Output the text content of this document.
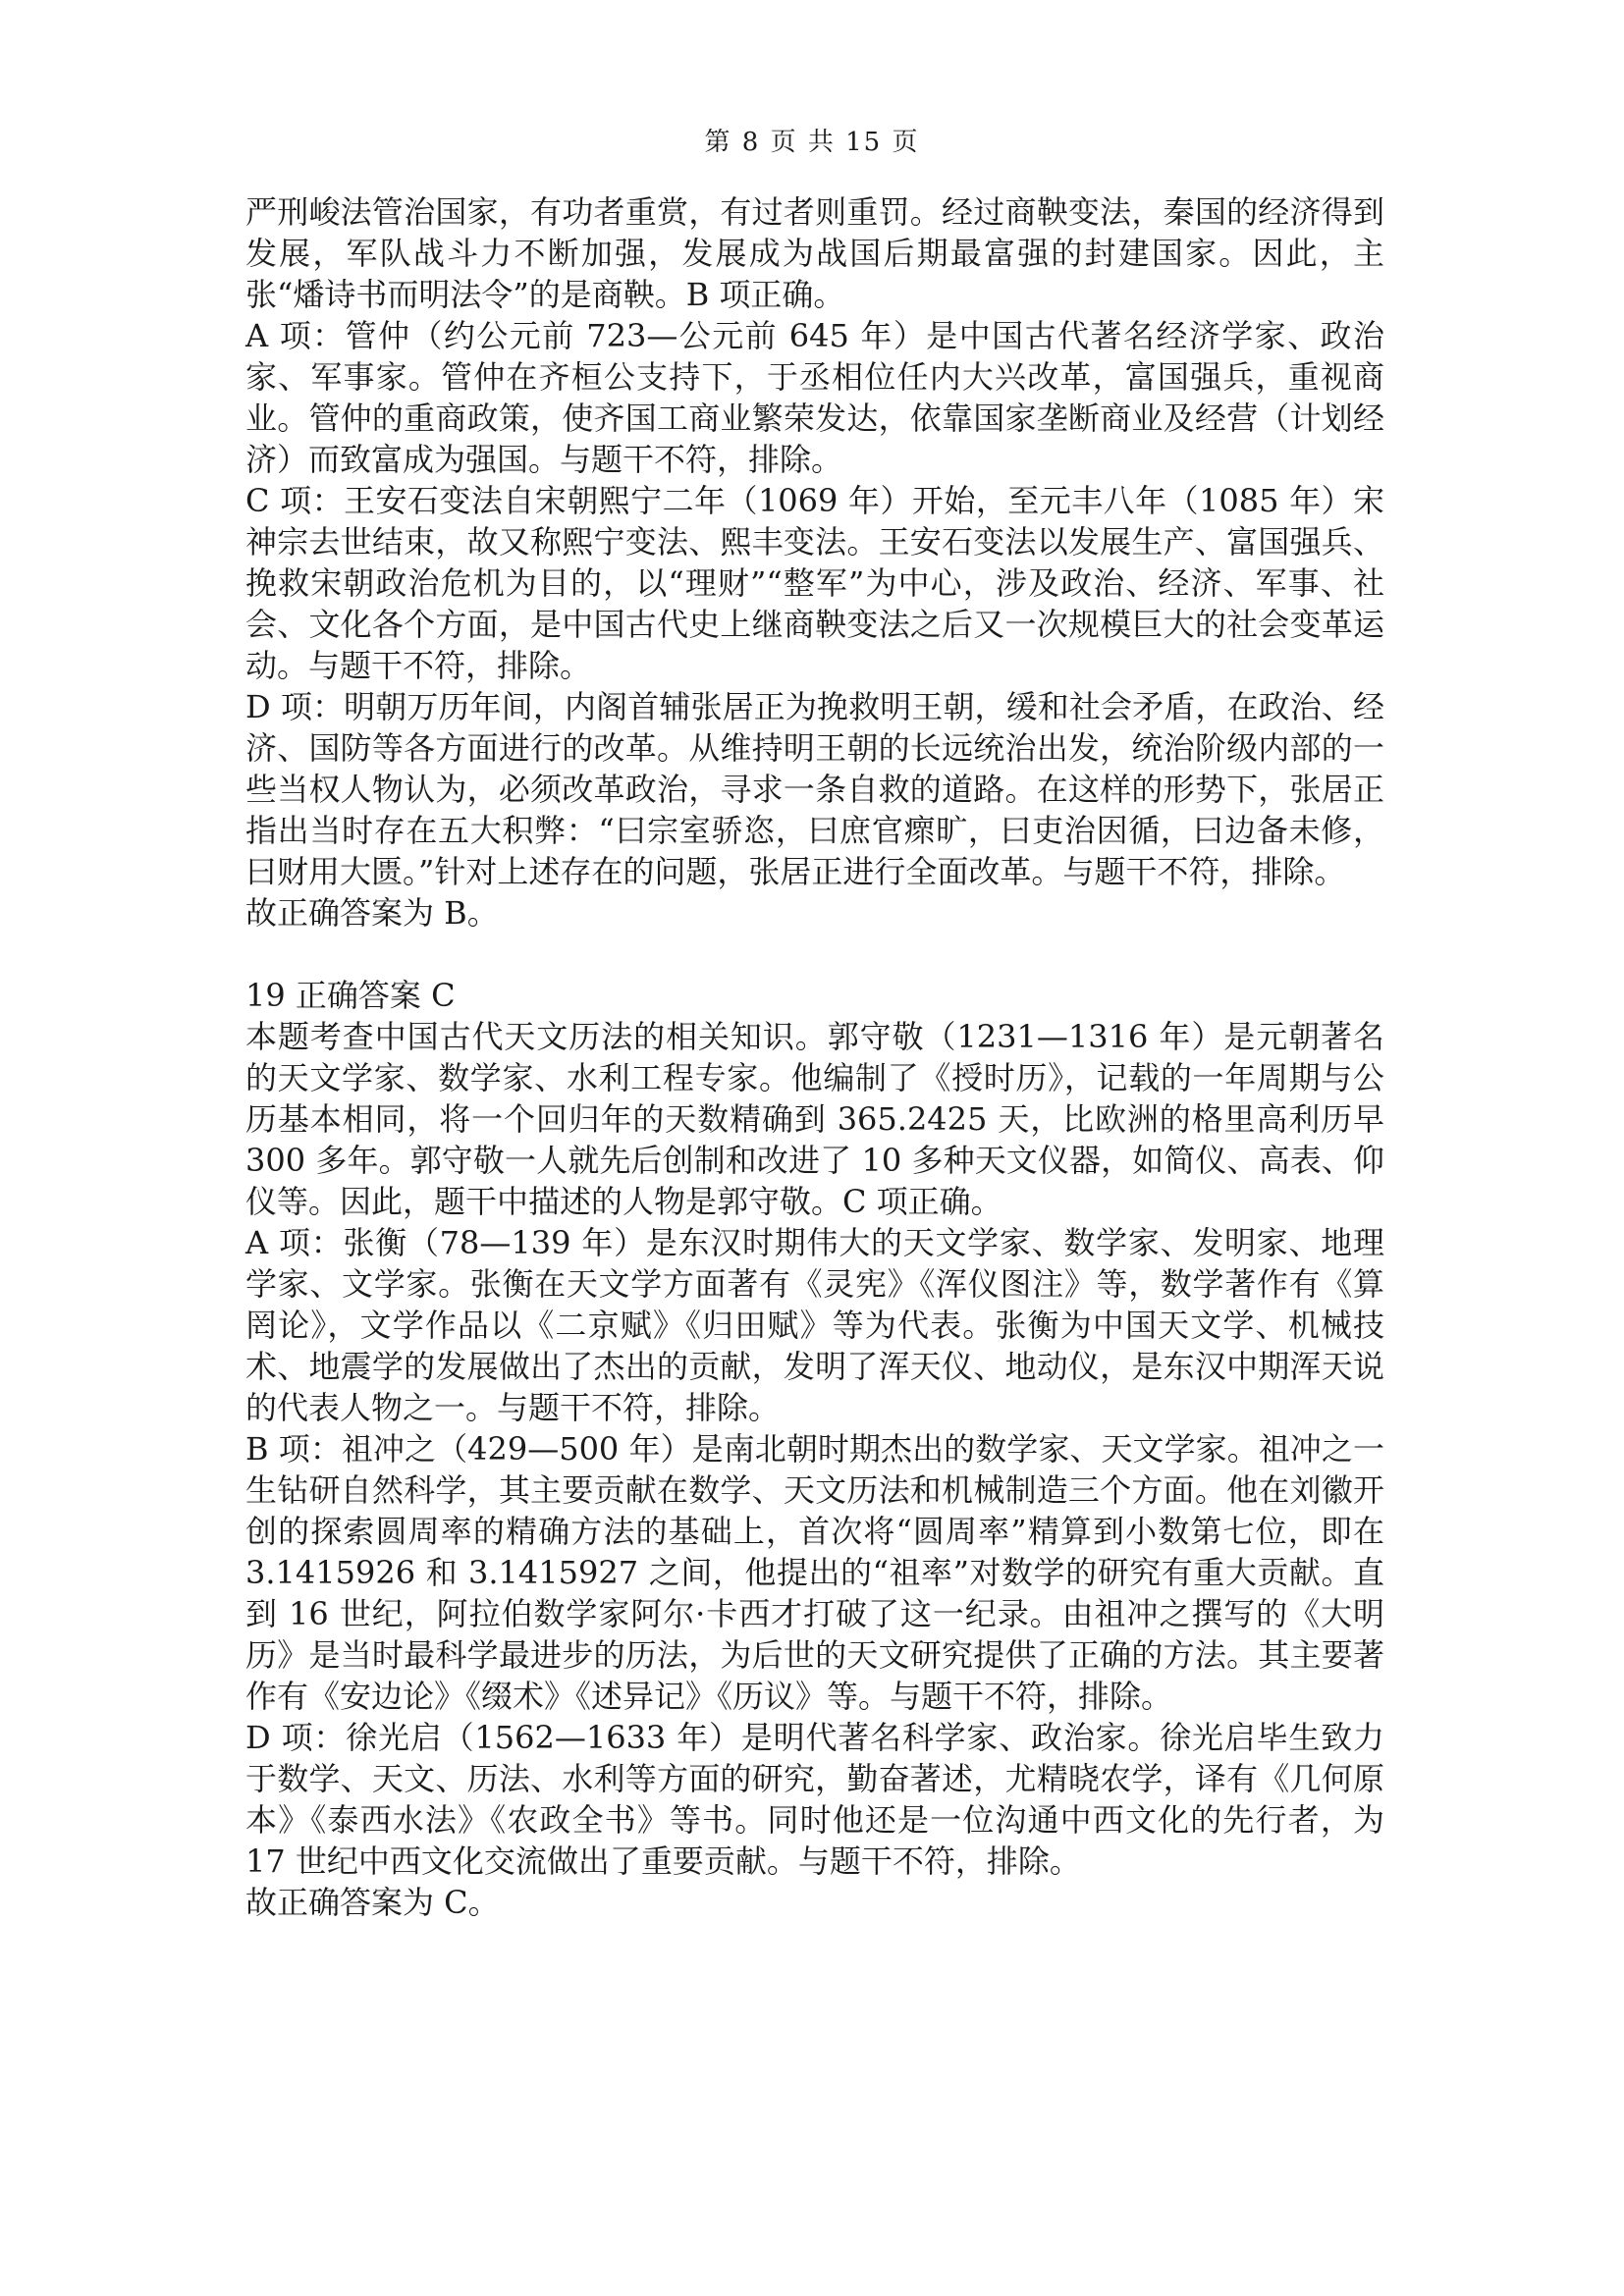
第 8 页 共 15 页

严刑峻法管治国家，有功者重赏，有过者则重罚。经过商鞅变法，秦国的经济得到发展，军队战斗力不断加强，发展成为战国后期最富强的封建国家。因此，主张“燔诗书而明法令”的是商鞅。B 项正确。

A 项：管仲（约公元前 723—公元前 645 年）是中国古代著名经济学家、政治家、军事家。管仲在齐桓公支持下，于丞相位任内大兴改革，富国强兵，重视商业。管仲的重商政策，使齐国工商业繁荣发达，依靠国家垄断商业及经营（计划经济）而致富成为强国。与题干不符，排除。

C 项：王安石变法自宋朝熙宁二年（1069 年）开始，至元丰八年（1085 年）宋神宗去世结束，故又称熙宁变法、熙丰变法。王安石变法以发展生产、富国强兵、挽救宋朝政治危机为目的，以“理财”“整军”为中心，涉及政治、经济、军事、社会、文化各个方面，是中国古代史上继商鞅变法之后又一次规模巨大的社会变革运动。与题干不符，排除。

D 项：明朝万历年间，内阁首辅张居正为挽救明王朝，缓和社会矛盾，在政治、经济、国防等各方面进行的改革。从维持明王朝的长远统治出发，统治阶级内部的一些当权人物认为，必须改革政治，寻求一条自救的道路。在这样的形势下，张居正指出当时存在五大积弊：“曰宗室骄恣，曰庶官瘝旷，曰吏治因循，曰边备未修，曰财用大匮。”针对上述存在的问题，张居正进行全面改革。与题干不符，排除。

故正确答案为 B。

19 正确答案 C

本题考查中国古代天文历法的相关知识。郭守敬（1231—1316 年）是元朝著名的天文学家、数学家、水利工程专家。他编制了《授时历》，记载的一年周期与公历基本相同，将一个回归年的天数精确到 365.2425 天，比欧洲的格里高利历早 300 多年。郭守敬一人就先后创制和改进了 10 多种天文仪器，如简仪、高表、仰仪等。因此，题干中描述的人物是郭守敬。C 项正确。

A 项：张衡（78—139 年）是东汉时期伟大的天文学家、数学家、发明家、地理学家、文学家。张衡在天文学方面著有《灵宪》《浑仪图注》等，数学著作有《算罔论》，文学作品以《二京赋》《归田赋》等为代表。张衡为中国天文学、机械技术、地震学的发展做出了杰出的贡献，发明了浑天仪、地动仪，是东汉中期浑天说的代表人物之一。与题干不符，排除。

B 项：祖冲之（429—500 年）是南北朝时期杰出的数学家、天文学家。祖冲之一生钻研自然科学，其主要贡献在数学、天文历法和机械制造三个方面。他在刘徽开创的探索圆周率的精确方法的基础上，首次将“圆周率”精算到小数第七位，即在 3.1415926 和 3.1415927 之间，他提出的“祖率”对数学的研究有重大贡献。直到 16 世纪，阿拉伯数学家阿尔·卡西才打破了这一纪录。由祖冲之撰写的《大明历》是当时最科学最进步的历法，为后世的天文研究提供了正确的方法。其主要著作有《安边论》《缀术》《述异记》《历议》等。与题干不符，排除。

D 项：徐光启（1562—1633 年）是明代著名科学家、政治家。徐光启毕生致力于数学、天文、历法、水利等方面的研究，勤奋著述，尤精晓农学，译有《几何原本》《泰西水法》《农政全书》等书。同时他还是一位沟通中西文化的先行者，为 17 世纪中西文化交流做出了重要贡献。与题干不符，排除。

故正确答案为 C。
